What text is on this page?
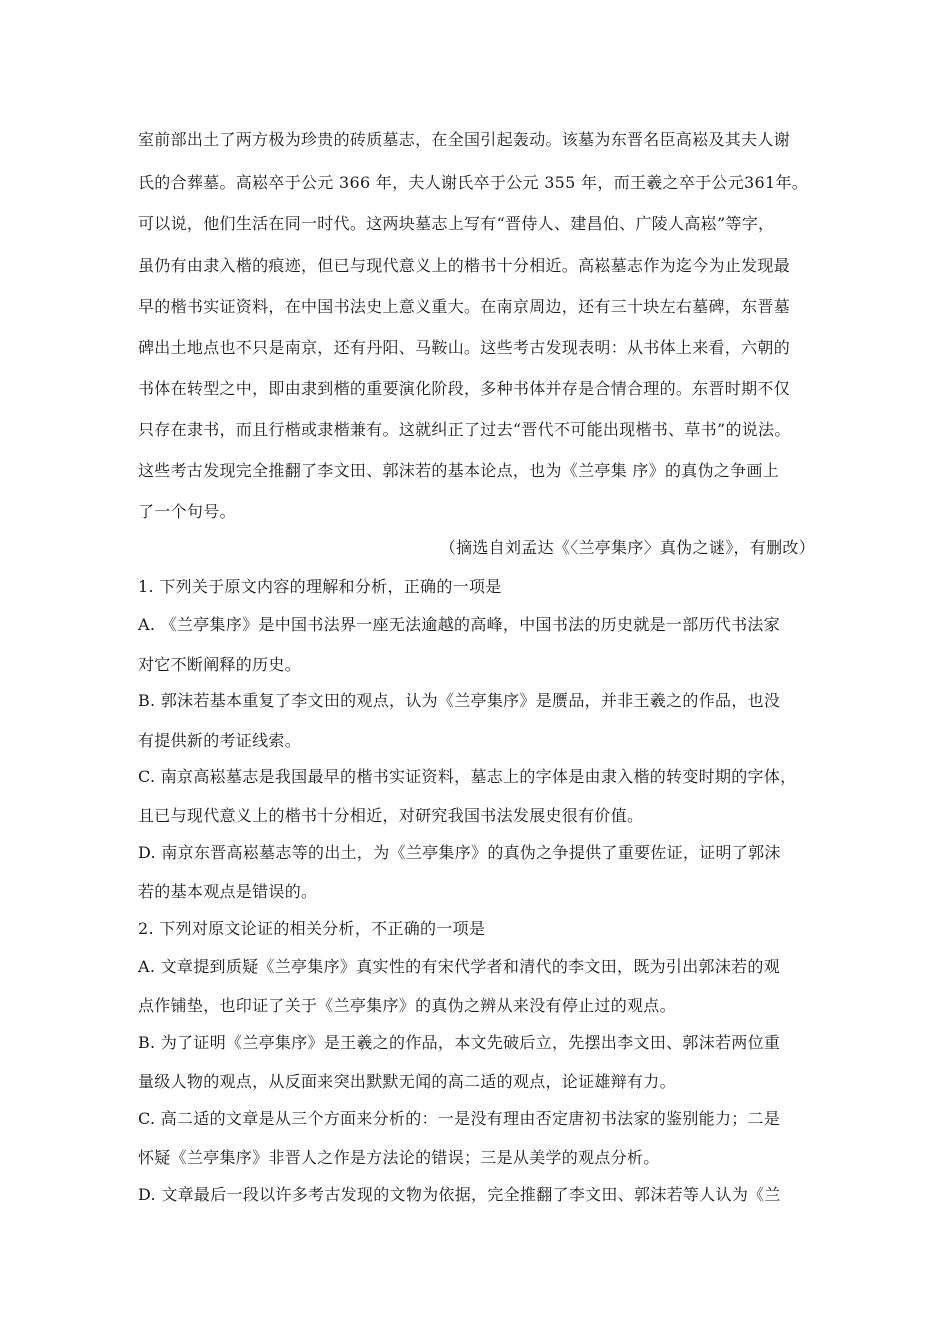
室前部出土了两方极为珍贵的砖质墓志，在全国引起轰动。该墓为东晋名臣高崧及其夫人谢
氏的合葬墓。高崧卒于公元 366 年，夫人谢氏卒于公元 355 年，而王羲之卒于公元361年。
可以说，他们生活在同一时代。这两块墓志上写有“晋侍人、建昌伯、广陵人高崧”等字，
虽仍有由隶入楷的痕迹，但已与现代意义上的楷书十分相近。高崧墓志作为迄今为止发现最
早的楷书实证资料，在中国书法史上意义重大。在南京周边，还有三十块左右墓碑，东晋墓
碑出土地点也不只是南京，还有丹阳、马鞍山。这些考古发现表明：从书体上来看，六朝的
书体在转型之中，即由隶到楷的重要演化阶段，多种书体并存是合情合理的。东晋时期不仅
只存在隶书，而且行楷或隶楷兼有。这就纠正了过去“晋代不可能出现楷书、草书”的说法。
这些考古发现完全推翻了李文田、郭沫若的基本论点，也为《兰亭集 序》的真伪之争画上
了一个句号。
（摘选自刘孟达《〈兰亭集序〉真伪之谜》，有删改）
1. 下列关于原文内容的理解和分析，正确的一项是
A. 《兰亭集序》是中国书法界一座无法逾越的高峰，中国书法的历史就是一部历代书法家
对它不断阐释的历史。
B. 郭沫若基本重复了李文田的观点，认为《兰亭集序》是赝品，并非王羲之的作品，也没
有提供新的考证线索。
C. 南京高崧墓志是我国最早的楷书实证资料，墓志上的字体是由隶入楷的转变时期的字体，
且已与现代意义上的楷书十分相近，对研究我国书法发展史很有价值。
D. 南京东晋高崧墓志等的出土，为《兰亭集序》的真伪之争提供了重要佐证，证明了郭沫
若的基本观点是错误的。
2. 下列对原文论证的相关分析，不正确的一项是
A. 文章提到质疑《兰亭集序》真实性的有宋代学者和清代的李文田，既为引出郭沫若的观
点作铺垫，也印证了关于《兰亭集序》的真伪之辨从来没有停止过的观点。
B. 为了证明《兰亭集序》是王羲之的作品，本文先破后立，先摆出李文田、郭沫若两位重
量级人物的观点，从反面来突出默默无闻的高二适的观点，论证雄辩有力。
C. 高二适的文章是从三个方面来分析的：一是没有理由否定唐初书法家的鉴别能力；二是
怀疑《兰亭集序》非晋人之作是方法论的错误；三是从美学的观点分析。
D. 文章最后一段以许多考古发现的文物为依据，完全推翻了李文田、郭沫若等人认为《兰
